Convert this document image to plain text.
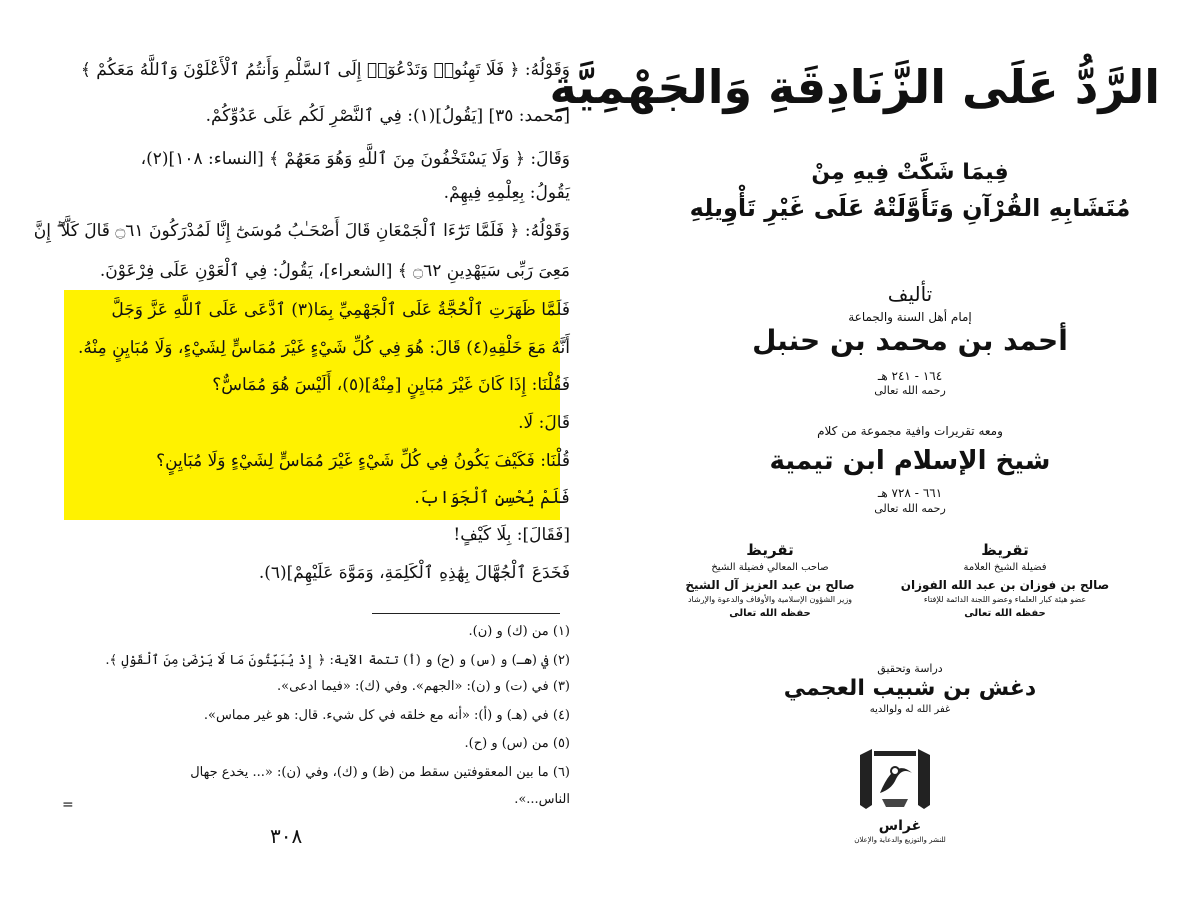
وَقَوْلُهُ: ﴿ فَلَا تَهِنُوا۟ وَتَدْعُوٓا۟ إِلَى ٱلسَّلْمِ وَأَنتُمُ ٱلْأَعْلَوْنَ وَٱللَّهُ مَعَكُمْ ﴾
[محمد: ٣٥] [يَقُولُ](١): فِي ٱلنَّصْرِ لَكُم عَلَى عَدُوِّكُمْ.
وَقَالَ: ﴿ وَلَا يَسْتَخْفُونَ مِنَ ٱللَّهِ وَهُوَ مَعَهُمْ ﴾ [النساء: ١٠٨](٢)،
يَقُولُ: بِعِلْمِهِ فِيهِمْ.
وَقَوْلُهُ: ﴿ فَلَمَّا تَرَٰٓءَا ٱلْجَمْعَانِ قَالَ أَصْحَـٰبُ مُوسَىٰٓ إِنَّا لَمُدْرَكُونَ ۝٦١ قَالَ كَلَّآ ۖ إِنَّ
مَعِىَ رَبِّى سَيَهْدِينِ ۝٦٢ ﴾ [الشعراء]، يَقُولُ: فِي ٱلْعَوْنِ عَلَى فِرْعَوْنَ.
فَلَمَّا ظَهَرَتِ ٱلْحُجَّةُ عَلَى ٱلْجَهْمِيِّ بِمَا(٣) ٱدَّعَى عَلَى ٱللَّهِ عَزَّ وَجَلَّ
أَنَّهُ مَعَ خَلْقِهِ(٤) قَالَ: هُوَ فِي كُلِّ شَيْءٍ غَيْرَ مُمَاسٍّ لِشَيْءٍ، وَلَا مُبَايِنٍ مِنْهُ.
فَقُلْنَا: إِذَا كَانَ غَيْرَ مُبَايِنٍ [مِنْهُ](٥)، أَلَيْسَ هُوَ مُمَاسٌّ؟
قَالَ: لَا.
قُلْنَا: فَكَيْفَ يَكُونُ فِي كُلِّ شَيْءٍ غَيْرَ مُمَاسٍّ لِشَيْءٍ وَلَا مُبَايِنٍ؟
فَلَمْ يُحْسِنِ ٱلْجَوَابَ.
[فَقَالَ]: بِلَا كَيْفٍ!
فَخَدَعَ ٱلْجُهَّالَ بِهَٰذِهِ ٱلْكَلِمَةِ، وَمَوَّهَ عَلَيْهِمْ](٦).
(١) من (ك) و (ن).
(٢) في (هـ) و (س) و (ح) و (أ) تتمة الآية: ﴿ إِذْ يُبَيِّتُونَ مَا لَا يَرْضَىٰ مِنَ ٱلْقَوْلِ ﴾.
(٣) في (ت) و (ن): «الجهم». وفي (ك): «فيما ادعى».
(٤) في (هـ) و (أ): «أنه مع خلقه في كل شيء. قال: هو غير مماس».
(٥) من (س) و (ح).
(٦) ما بين المعقوفتين سقط من (ظ) و (ك)، وفي (ن): «... يخدع جهال
الناس...».
=
٣٠٨
الرَّدُّ عَلَى الزَّنَادِقَةِ وَالجَهْمِيَّةِ
فِيمَا شَكَّتْ فِيهِ مِنْ
مُتَشَابِهِ القُرْآنِ وَتَأَوَّلَتْهُ عَلَى غَيْرِ تَأْوِيلِهِ
تأليف
إمام أهل السنة والجماعة
أحمد بن محمد بن حنبل
١٦٤ - ٢٤١ هـ
رحمه الله تعالى
ومعه تقريرات وافية مجموعة من كلام
شيخ الإسلام ابن تيمية
٦٦١ - ٧٢٨ هـ
رحمه الله تعالى
تقريظ
فضيلة الشيخ العلامة
صالح بن فوزان بن عبد الله الفوزان
عضو هيئة كبار العلماء وعضو اللجنة الدائمة للإفتاء
حفظه الله تعالى
تقريظ
صاحب المعالي فضيلة الشيخ
صالح بن عبد العزيز آل الشيخ
وزير الشؤون الإسلامية والأوقاف والدعوة والإرشاد
حفظه الله تعالى
دراسة وتحقيق
دغش بن شبيب العجمي
غفر الله له ولوالديه
غراس
للنشر والتوزيع والدعاية والإعلان
